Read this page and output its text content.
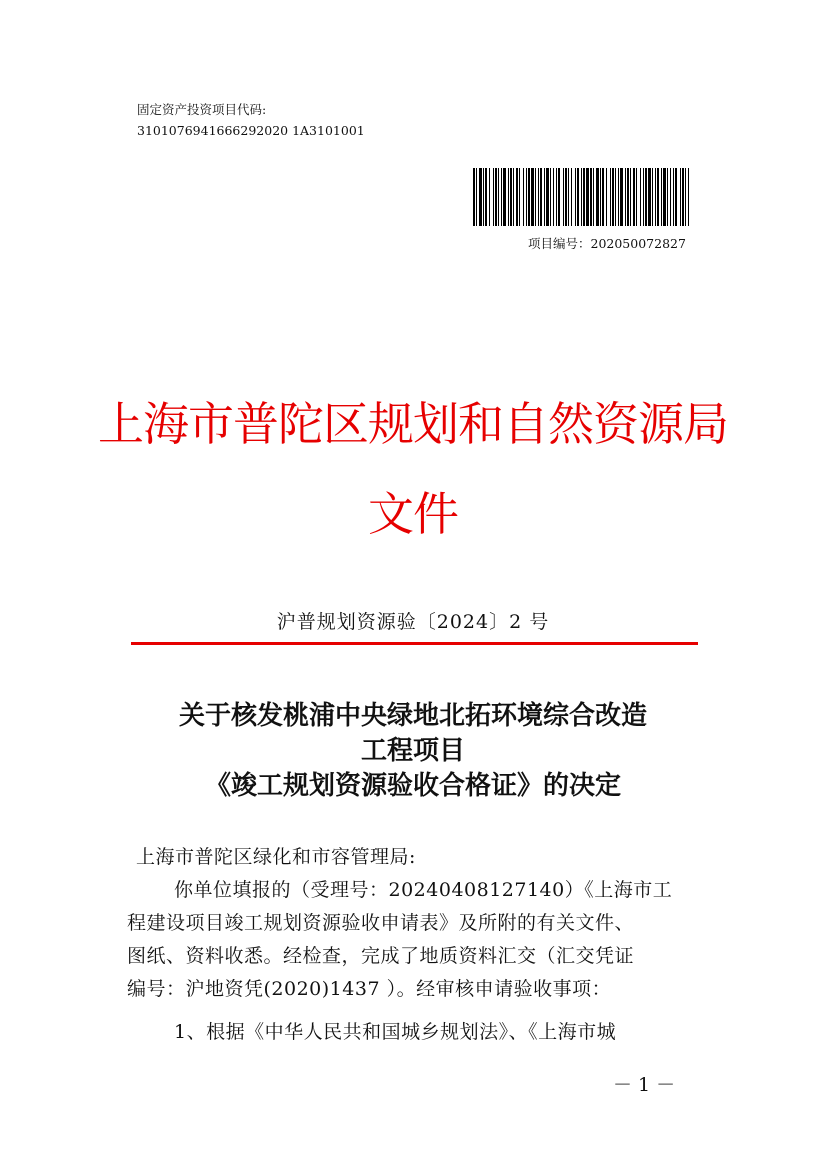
固定资产投资项目代码:
3101076941666292020 1A3101001
项目编号：202050072827
上海市普陀区规划和自然资源局
文件
沪普规划资源验〔2024〕2 号
关于核发桃浦中央绿地北拓环境综合改造
工程项目
《竣工规划资源验收合格证》的决定
上海市普陀区绿化和市容管理局:
你单位填报的（受理号：20240408127140）《上海市工
程建设项目竣工规划资源验收申请表》及所附的有关文件、
图纸、资料收悉。经检查，完成了地质资料汇交（汇交凭证
编号：沪地资凭(2020)1437 ）。经审核申请验收事项：
1、根据《中华人民共和国城乡规划法》、《上海市城
－ 1 －
